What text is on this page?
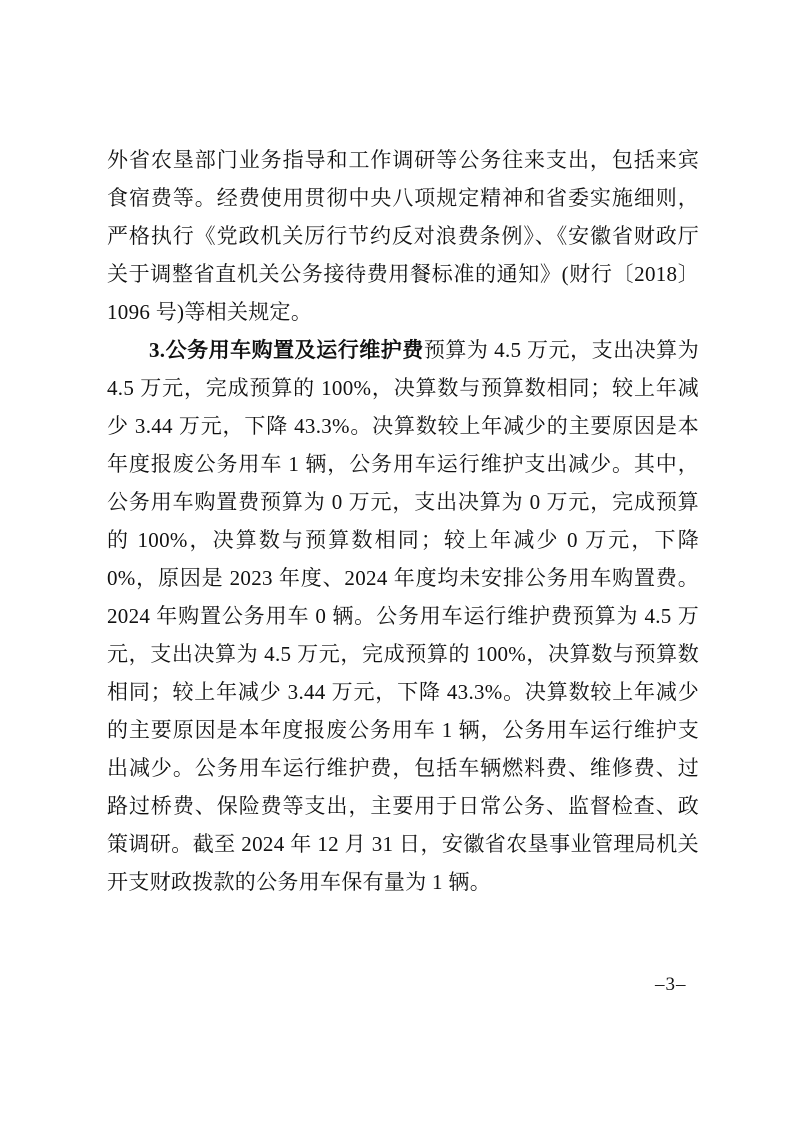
外省农垦部门业务指导和工作调研等公务往来支出，包括来宾食宿费等。经费使用贯彻中央八项规定精神和省委实施细则，严格执行《党政机关厉行节约反对浪费条例》、《安徽省财政厅关于调整省直机关公务接待费用餐标准的通知》(财行〔2018〕1096 号)等相关规定。

3.公务用车购置及运行维护费预算为 4.5 万元，支出决算为 4.5 万元，完成预算的 100%，决算数与预算数相同；较上年减少 3.44 万元，下降 43.3%。决算数较上年减少的主要原因是本年度报废公务用车 1 辆，公务用车运行维护支出减少。其中，公务用车购置费预算为 0 万元，支出决算为 0 万元，完成预算的 100%，决算数与预算数相同；较上年减少 0 万元，下降 0%，原因是 2023 年度、2024 年度均未安排公务用车购置费。2024 年购置公务用车 0 辆。公务用车运行维护费预算为 4.5 万元，支出决算为 4.5 万元，完成预算的 100%，决算数与预算数相同；较上年减少 3.44 万元，下降 43.3%。决算数较上年减少的主要原因是本年度报废公务用车 1 辆，公务用车运行维护支出减少。公务用车运行维护费，包括车辆燃料费、维修费、过路过桥费、保险费等支出，主要用于日常公务、监督检查、政策调研。截至 2024 年 12 月 31 日，安徽省农垦事业管理局机关开支财政拨款的公务用车保有量为 1 辆。

–3–
